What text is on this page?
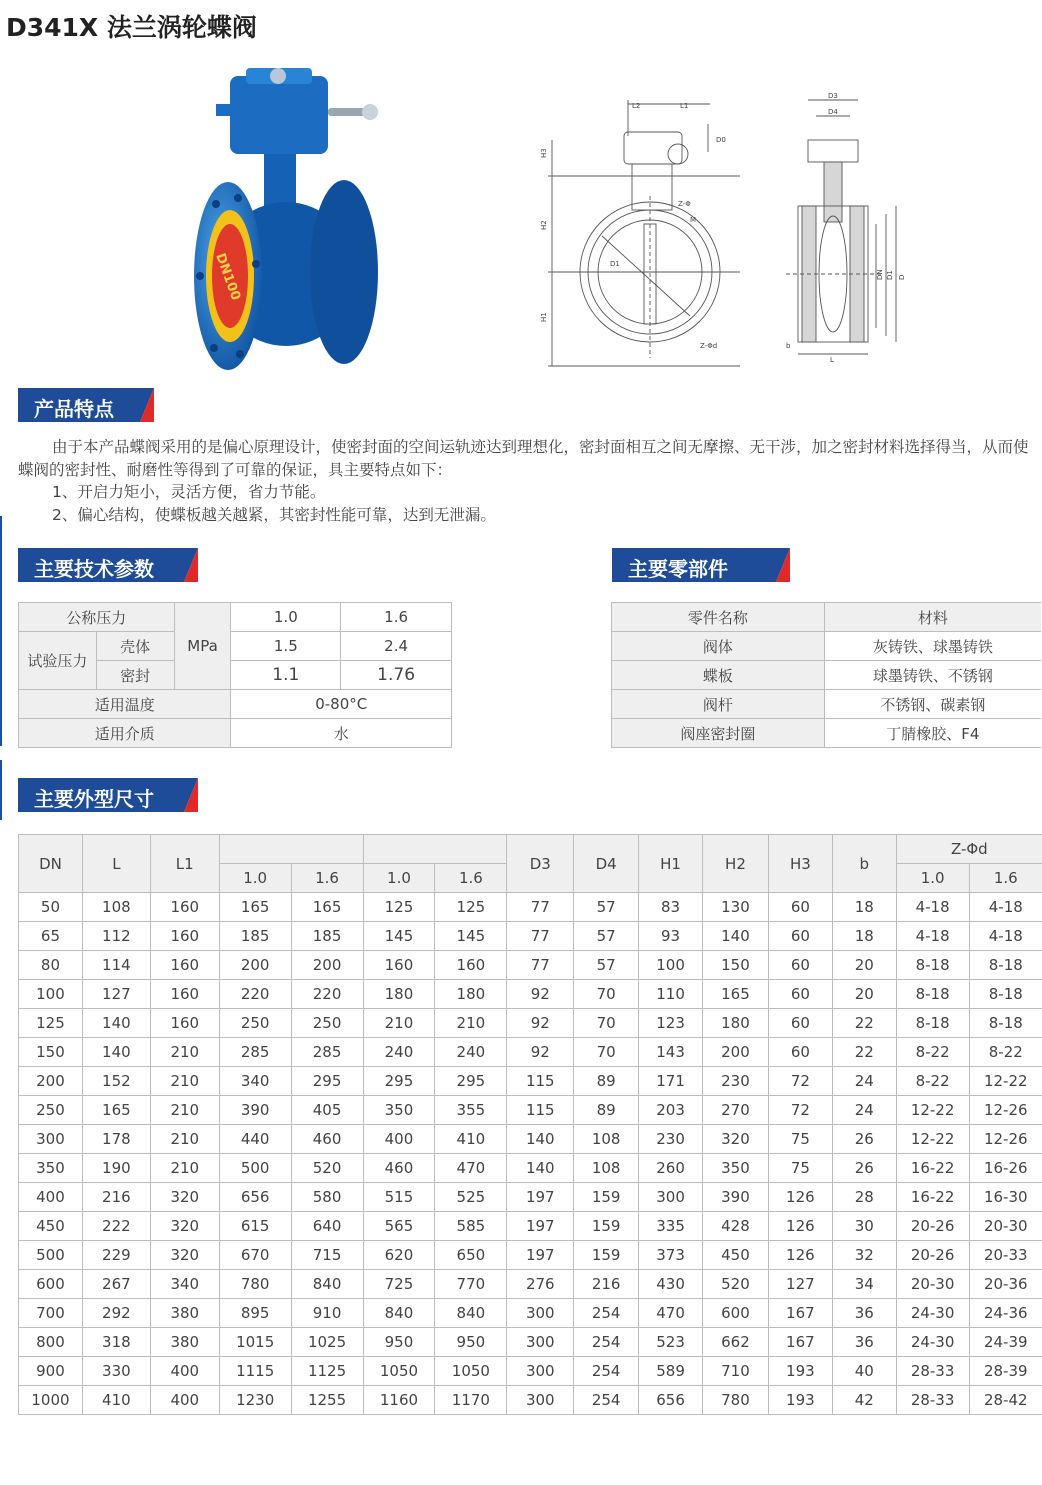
D341X 法兰涡轮蝶阀
DN100
L2	L1
D0
H3
H2
H1
Z-Φ
M
D1
Z-Φd
D3
D4
DN D1 D
b
L
产品特点

由于本产品蝶阀采用的是偏心原理设计，使密封面的空间运轨迹达到理想化，密封面相互之间无摩擦、无干涉，加之密封材料选择得当，从而使蝶阀的密封性、耐磨性等得到了可靠的保证，具主要特点如下：

1、开启力矩小，灵活方便，省力节能。

2、偏心结构，使蝶板越关越紧，其密封性能可靠，达到无泄漏。

主要技术参数
公称压力		MPa	1.0	1.6
试验压力	壳体		1.5	2.4
	密封		1.1	1.76
适用温度			0-80°C	
适用介质			水	
主要零部件
零件名称	材料
阀体	灰铸铁、球墨铸铁
蝶板	球墨铸铁、不锈钢
阀杆	不锈钢、碳素钢
阀座密封圈	丁腈橡胶、F4
主要外型尺寸
DN	L	L1					D3	D4	H1	H2	H3	b	Z-Φd	
			1.0	1.6	1.0	1.6							1.0	1.6
50	108	160	165	165	125	125	77	57	83	130	60	18	4-18	4-18
65	112	160	185	185	145	145	77	57	93	140	60	18	4-18	4-18
80	114	160	200	200	160	160	77	57	100	150	60	20	8-18	8-18
100	127	160	220	220	180	180	92	70	110	165	60	20	8-18	8-18
125	140	160	250	250	210	210	92	70	123	180	60	22	8-18	8-18
150	140	210	285	285	240	240	92	70	143	200	60	22	8-22	8-22
200	152	210	340	295	295	295	115	89	171	230	72	24	8-22	12-22
250	165	210	390	405	350	355	115	89	203	270	72	24	12-22	12-26
300	178	210	440	460	400	410	140	108	230	320	75	26	12-22	12-26
350	190	210	500	520	460	470	140	108	260	350	75	26	16-22	16-26
400	216	320	656	580	515	525	197	159	300	390	126	28	16-22	16-30
450	222	320	615	640	565	585	197	159	335	428	126	30	20-26	20-30
500	229	320	670	715	620	650	197	159	373	450	126	32	20-26	20-33
600	267	340	780	840	725	770	276	216	430	520	127	34	20-30	20-36
700	292	380	895	910	840	840	300	254	470	600	167	36	24-30	24-36
800	318	380	1015	1025	950	950	300	254	523	662	167	36	24-30	24-39
900	330	400	1115	1125	1050	1050	300	254	589	710	193	40	28-33	28-39
1000	410	400	1230	1255	1160	1170	300	254	656	780	193	42	28-33	28-42
